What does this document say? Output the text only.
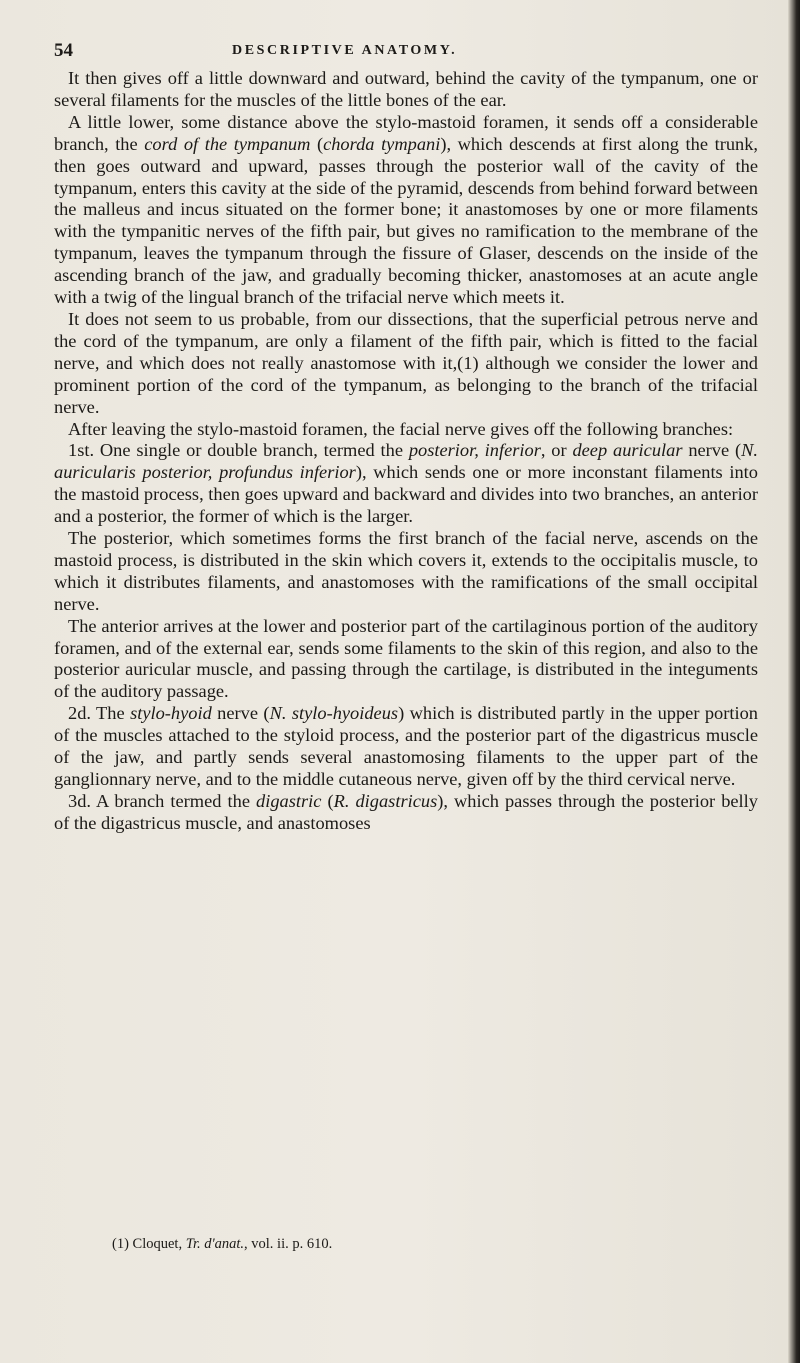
54	DESCRIPTIVE ANATOMY.

It then gives off a little downward and outward, behind the cavity of the tympanum, one or several filaments for the muscles of the little bones of the ear.

A little lower, some distance above the stylo-mastoid foramen, it sends off a considerable branch, the cord of the tympanum (chorda tympani), which descends at first along the trunk, then goes outward and upward, passes through the posterior wall of the cavity of the tympanum, enters this cavity at the side of the pyramid, descends from behind forward between the malleus and incus situated on the former bone; it anastomoses by one or more filaments with the tympanitic nerves of the fifth pair, but gives no ramification to the membrane of the tympanum, leaves the tympanum through the fissure of Glaser, descends on the inside of the ascending branch of the jaw, and gradually becoming thicker, anastomoses at an acute angle with a twig of the lingual branch of the trifacial nerve which meets it.

It does not seem to us probable, from our dissections, that the superficial petrous nerve and the cord of the tympanum, are only a filament of the fifth pair, which is fitted to the facial nerve, and which does not really anastomose with it,(1) although we consider the lower and prominent portion of the cord of the tympanum, as belonging to the branch of the trifacial nerve.

After leaving the stylo-mastoid foramen, the facial nerve gives off the following branches:

1st. One single or double branch, termed the posterior, inferior, or deep auricular nerve (N. auricularis posterior, profundus inferior), which sends one or more inconstant filaments into the mastoid process, then goes upward and backward and divides into two branches, an anterior and a posterior, the former of which is the larger.

The posterior, which sometimes forms the first branch of the facial nerve, ascends on the mastoid process, is distributed in the skin which covers it, extends to the occipitalis muscle, to which it distributes filaments, and anastomoses with the ramifications of the small occipital nerve.

The anterior arrives at the lower and posterior part of the cartilaginous portion of the auditory foramen, and of the external ear, sends some filaments to the skin of this region, and also to the posterior auricular muscle, and passing through the cartilage, is distributed in the integuments of the auditory passage.

2d. The stylo-hyoid nerve (N. stylo-hyoideus) which is distributed partly in the upper portion of the muscles attached to the styloid process, and the posterior part of the digastricus muscle of the jaw, and partly sends several anastomosing filaments to the upper part of the ganglionnary nerve, and to the middle cutaneous nerve, given off by the third cervical nerve.

3d. A branch termed the digastric (R. digastricus), which passes through the posterior belly of the digastricus muscle, and anastomoses

(1) Cloquet, Tr. d'anat., vol. ii. p. 610.
